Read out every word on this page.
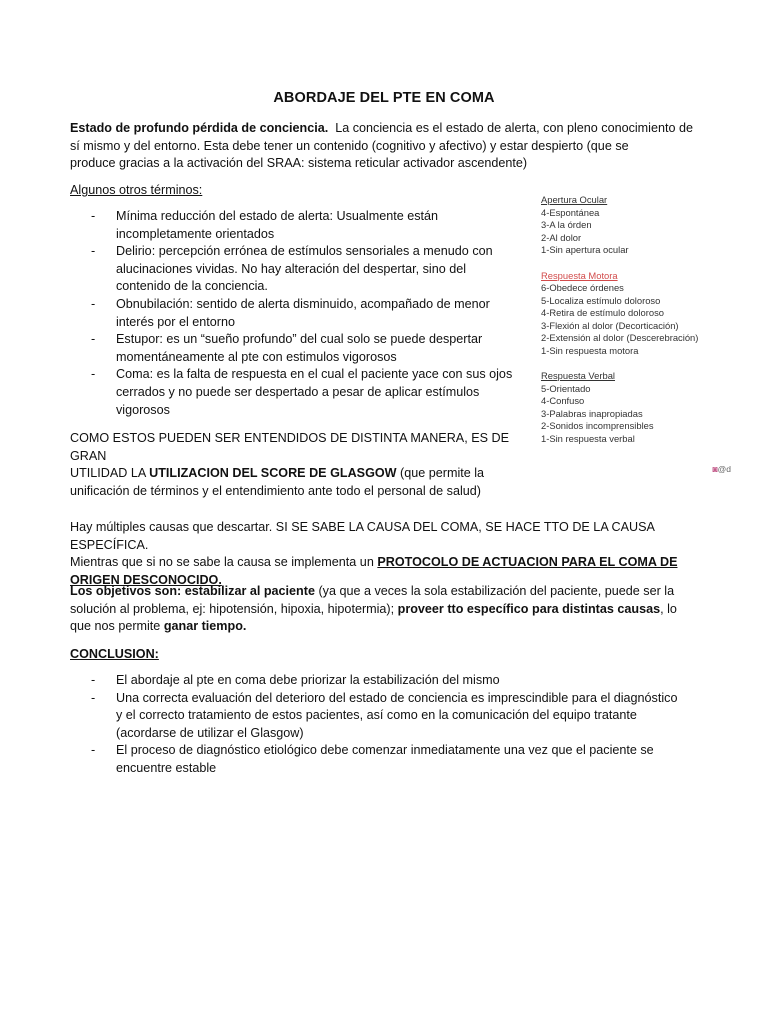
ABORDAJE DEL PTE EN COMA

Estado de profundo pérdida de conciencia.  La conciencia es el estado de alerta, con pleno conocimiento de

sí mismo y del entorno. Esta debe tener un contenido (cognitivo y afectivo) y estar despierto (que se

produce gracias a la activación del SRAA: sistema reticular activador ascendente)

Algunos otros términos:

- Mínima reducción del estado de alerta: Usualmente están
incompletamente orientados
- Delirio: percepción errónea de estímulos sensoriales a menudo con
alucinaciones vividas. No hay alteración del despertar, sino del
contenido de la conciencia.
- Obnubilación: sentido de alerta disminuido, acompañado de menor
interés por el entorno
- Estupor: es un “sueño profundo” del cual solo se puede despertar
momentáneamente al pte con estimulos vigorosos
- Coma: es la falta de respuesta en el cual el paciente yace con sus ojos
cerrados y no puede ser despertado a pesar de aplicar estímulos
vigorosos

COMO ESTOS PUEDEN SER ENTENDIDOS DE DISTINTA MANERA, ES DE GRAN

UTILIDAD LA UTILIZACION DEL SCORE DE GLASGOW (que permite la

unificación de términos y el entendimiento ante todo el personal de salud)

Apertura Ocular
4-Espontánea
3-A la órden
2-Al dolor
1-Sin apertura ocular
Respuesta Motora
6-Obedece órdenes
5-Localiza estímulo doloroso
4-Retira de estímulo doloroso
3-Flexión al dolor (Decorticación)
2-Extensión al dolor (Descerebración)
1-Sin respuesta motora
Respuesta Verbal
5-Orientado
4-Confuso
3-Palabras inapropiadas
2-Sonidos incomprensibles
1-Sin respuesta verbal
◙@d

Hay múltiples causas que descartar. SI SE SABE LA CAUSA DEL COMA, SE HACE TTO DE LA CAUSA ESPECÍFICA.

Mientras que si no se sabe la causa se implementa un PROTOCOLO DE ACTUACION PARA EL COMA DE

ORIGEN DESCONOCIDO.

Los objetivos son: estabilizar al paciente (ya que a veces la sola estabilización del paciente, puede ser la

solución al problema, ej: hipotensión, hipoxia, hipotermia); proveer tto específico para distintas causas, lo

que nos permite ganar tiempo.

CONCLUSION:

- El abordaje al pte en coma debe priorizar la estabilización del mismo
- Una correcta evaluación del deterioro del estado de conciencia es imprescindible para el diagnóstico
y el correcto tratamiento de estos pacientes, así como en la comunicación del equipo tratante
(acordarse de utilizar el Glasgow)
- El proceso de diagnóstico etiológico debe comenzar inmediatamente una vez que el paciente se
encuentre estable
